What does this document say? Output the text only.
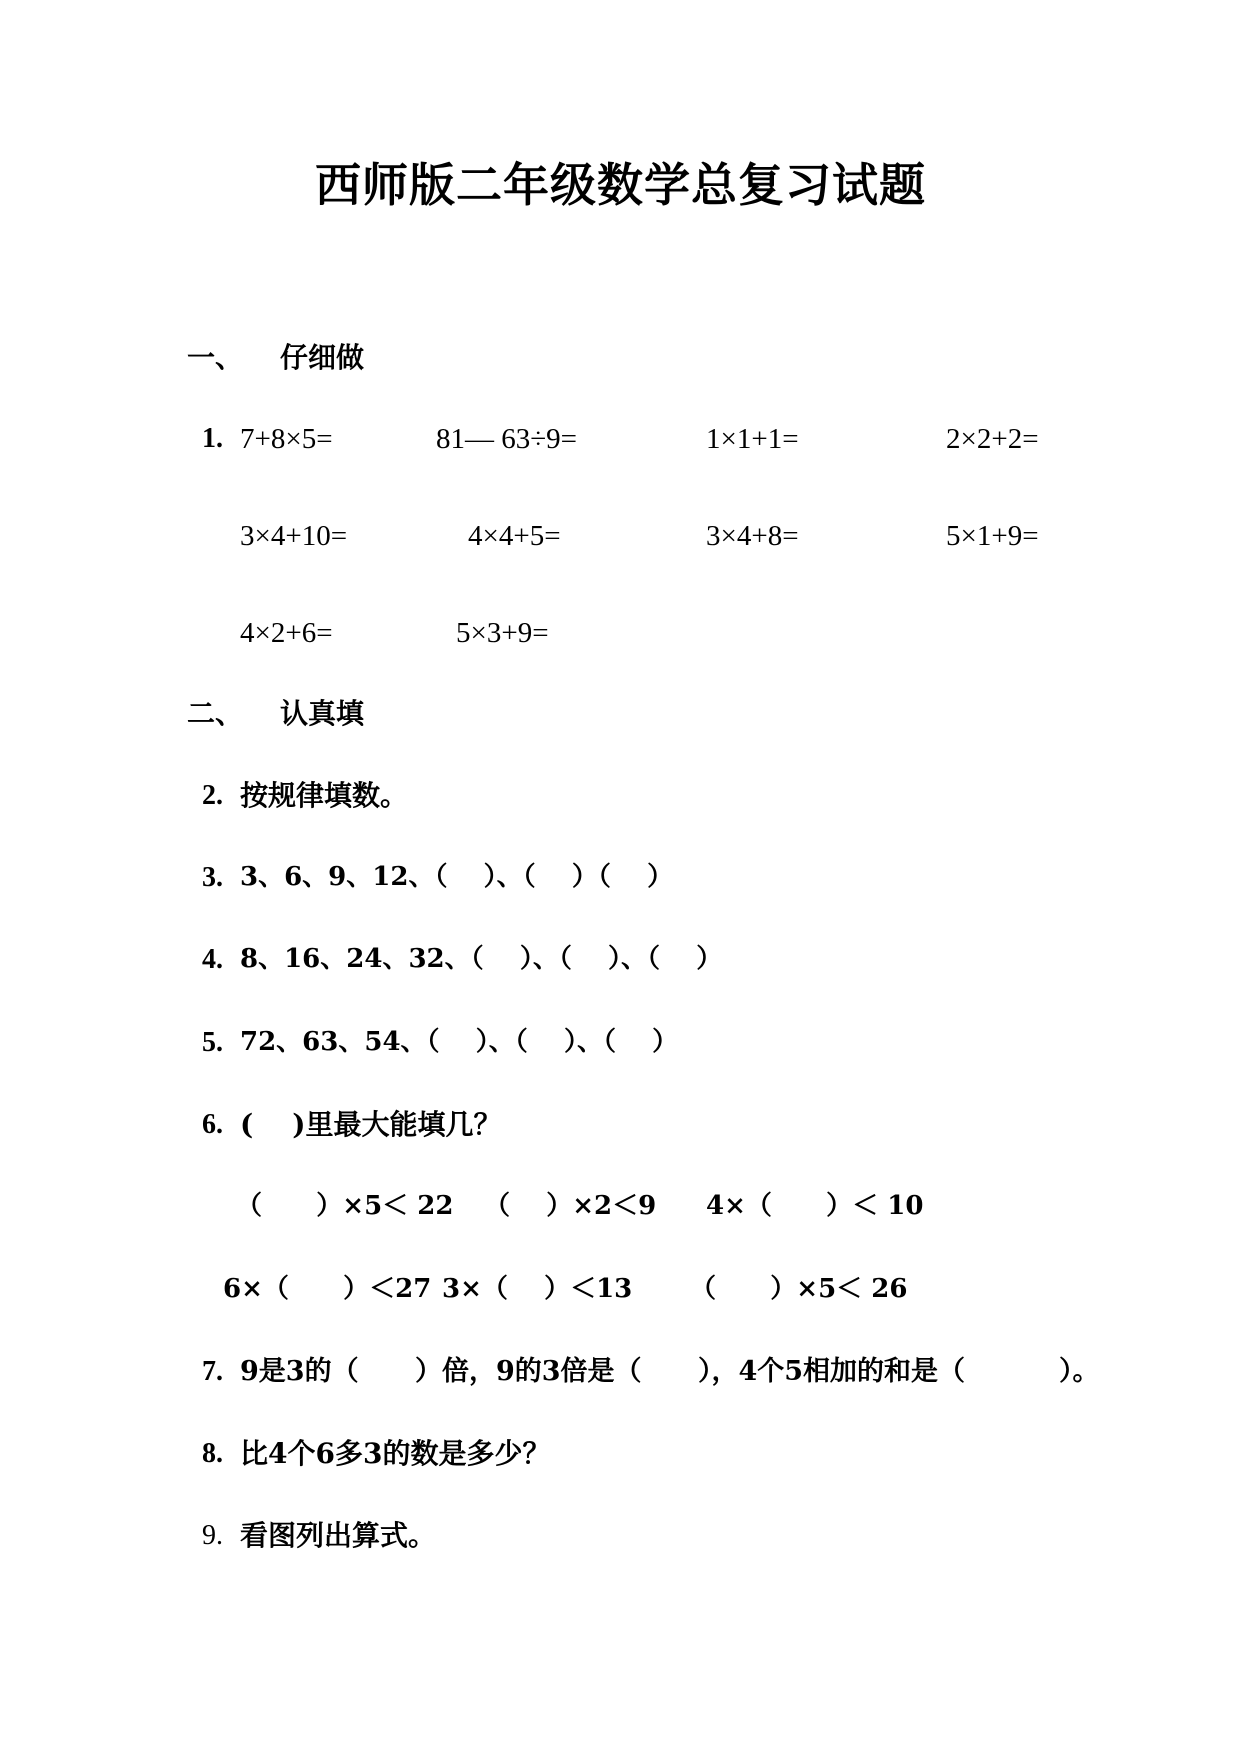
西师版二年级数学总复习试题
一、 仔细做
1. 7+8×5=	81— 63÷9=	1×1+1=	2×2+2=
3×4+10=	4×4+5=	3×4+8=	5×1+9=
4×2+6=	5×3+9=
二、 认真填
2. 按规律填数。
3. 3、6、9、12、（    ）、（    ）（    ）
4. 8、16、24、32、（    ）、（    ）、（    ）
5. 72、63、54、（    ）、（    ）、（    ）
6. (    )里最大能填几？
（      ）×5＜ 22 （    ）×2＜9 4×（      ）＜ 10
6×（      ）＜27 3×（    ）＜13 （      ）×5＜ 26
7. 9是3的（      ）倍，9的3倍是（      ），4个5相加的和是（          ）。
8. 比4个6多3的数是多少？
9. 看图列出算式。
